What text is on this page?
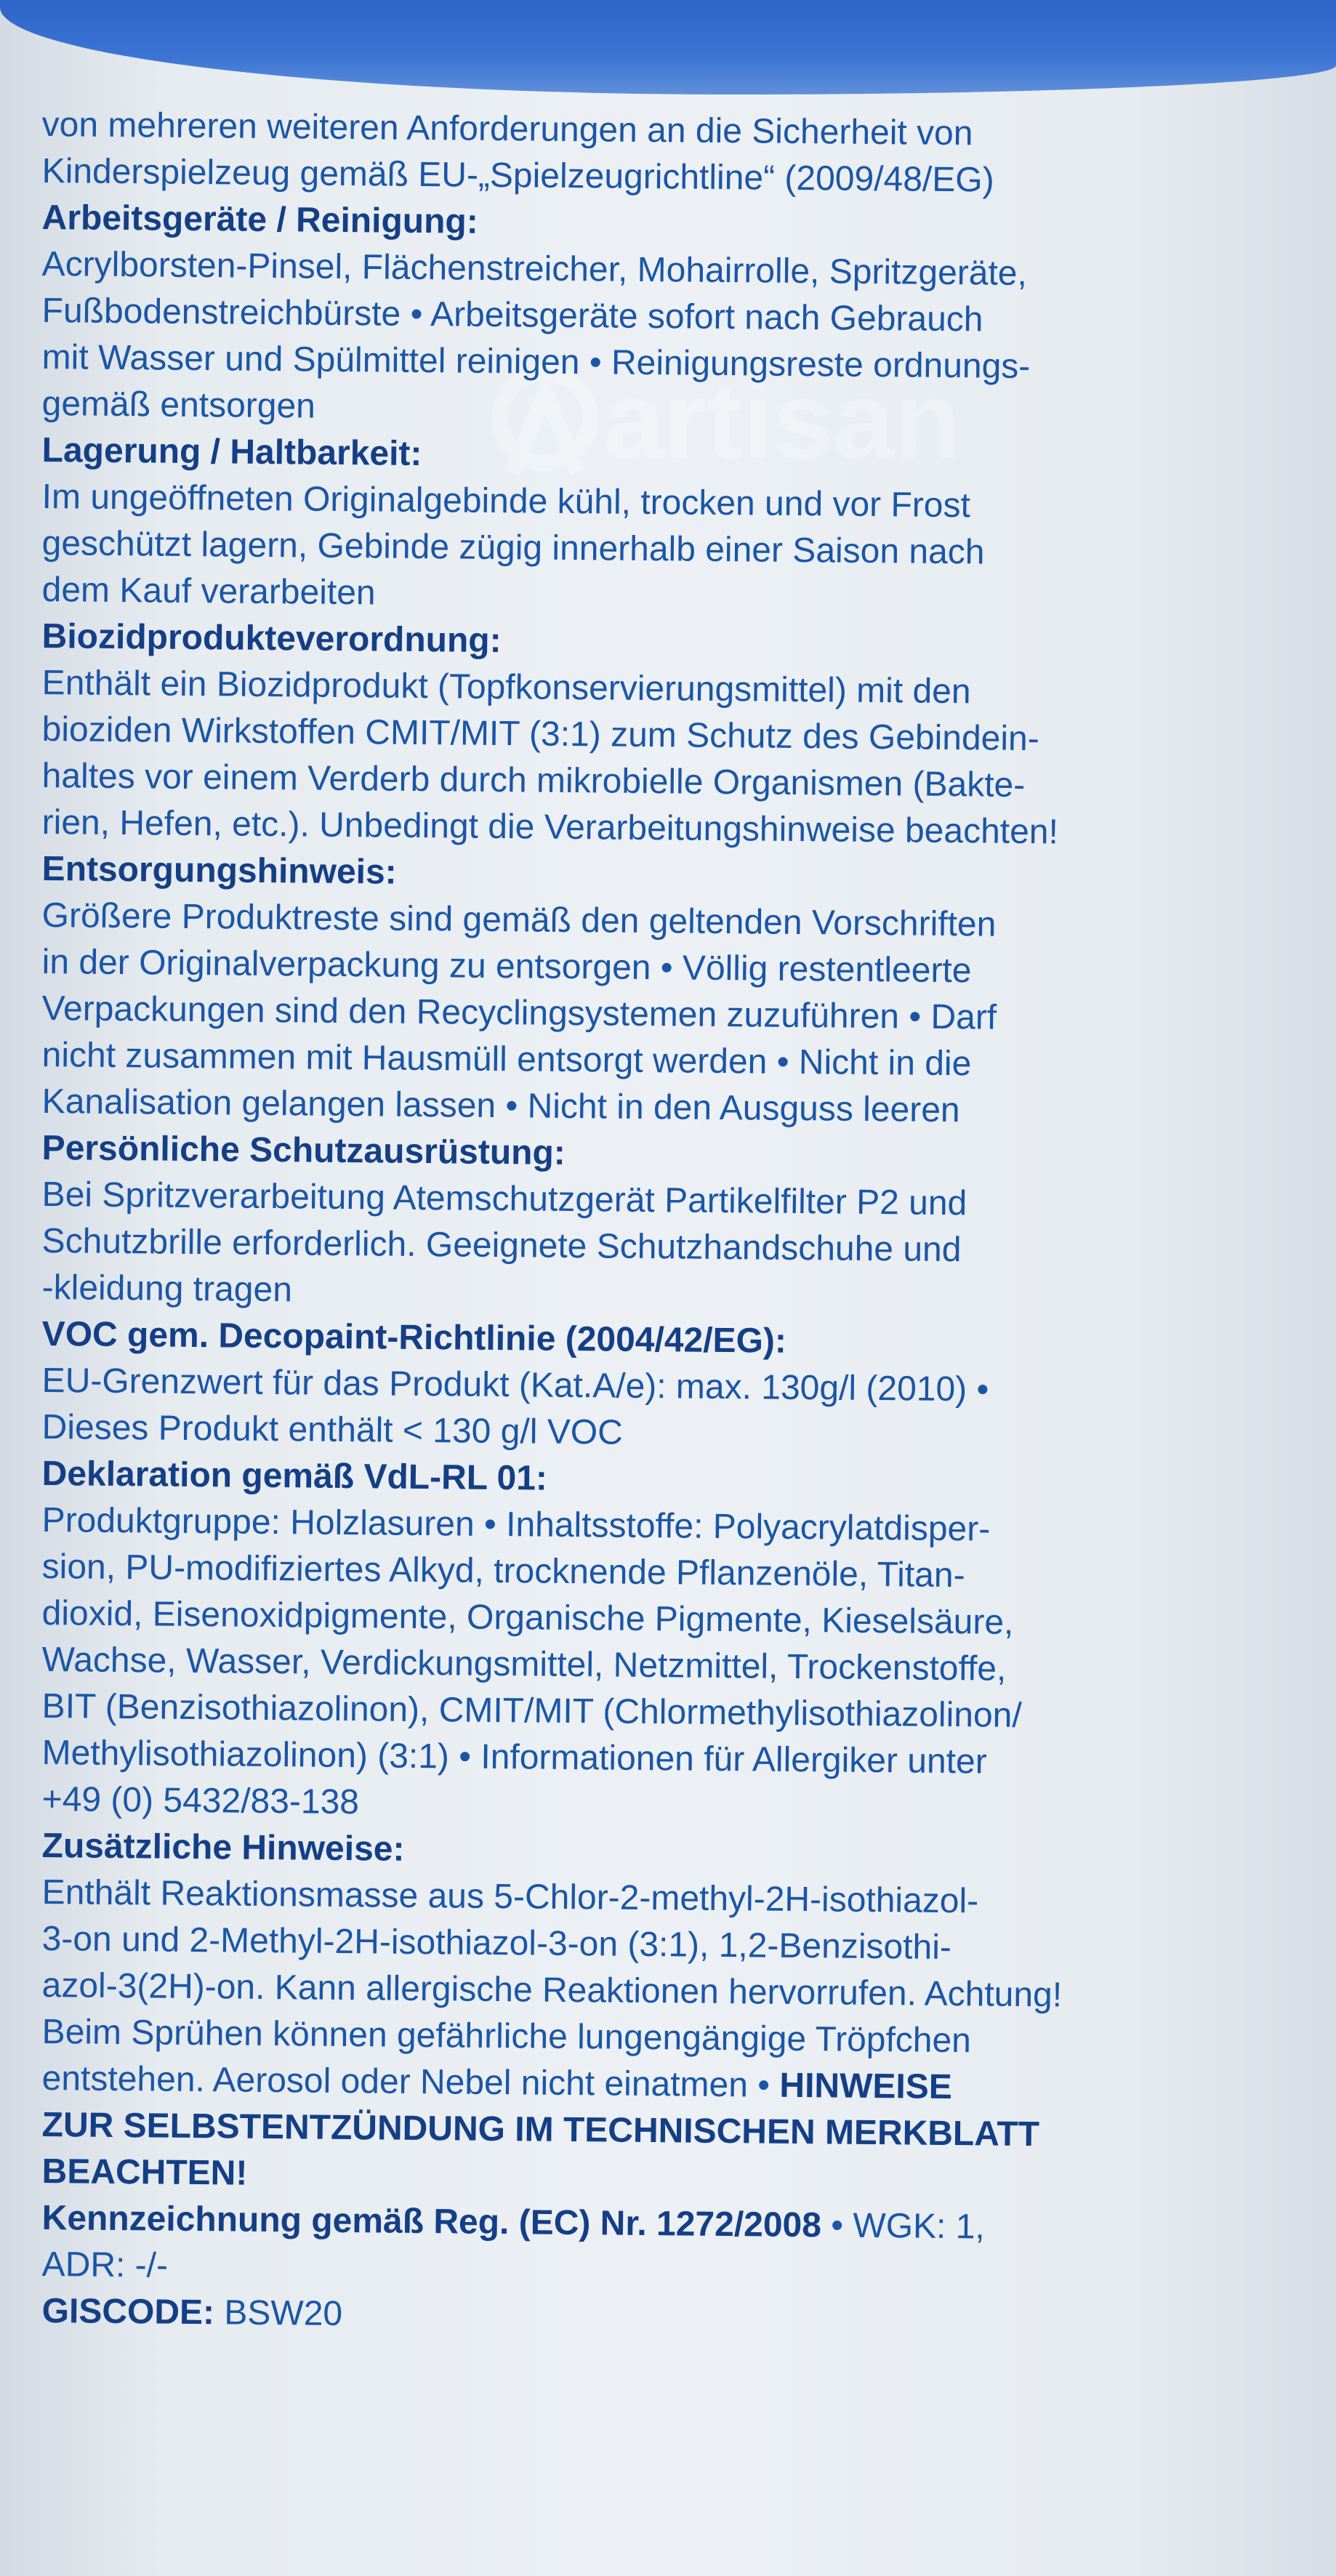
artisan

von mehreren weiteren Anforderungen an die Sicherheit von

Kinderspielzeug gemäß EU-„Spielzeugrichtline“ (2009/48/EG)

Arbeitsgeräte / Reinigung:

Acrylborsten-Pinsel, Flächenstreicher, Mohairrolle, Spritzgeräte,

Fußbodenstreichbürste • Arbeitsgeräte sofort nach Gebrauch

mit Wasser und Spülmittel reinigen • Reinigungsreste ordnungs-

gemäß entsorgen

Lagerung / Haltbarkeit:

Im ungeöffneten Originalgebinde kühl, trocken und vor Frost

geschützt lagern, Gebinde zügig innerhalb einer Saison nach

dem Kauf verarbeiten

Biozidprodukteverordnung:

Enthält ein Biozidprodukt (Topfkonservierungsmittel) mit den

bioziden Wirkstoffen CMIT/MIT (3:1) zum Schutz des Gebindein-

haltes vor einem Verderb durch mikrobielle Organismen (Bakte-

rien, Hefen, etc.). Unbedingt die Verarbeitungshinweise beachten!

Entsorgungshinweis:

Größere Produktreste sind gemäß den geltenden Vorschriften

in der Originalverpackung zu entsorgen • Völlig restentleerte

Verpackungen sind den Recyclingsystemen zuzuführen • Darf

nicht zusammen mit Hausmüll entsorgt werden • Nicht in die

Kanalisation gelangen lassen • Nicht in den Ausguss leeren

Persönliche Schutzausrüstung:

Bei Spritzverarbeitung Atemschutzgerät Partikelfilter P2 und

Schutzbrille erforderlich. Geeignete Schutzhandschuhe und

-kleidung tragen

VOC gem. Decopaint-Richtlinie (2004/42/EG):

EU-Grenzwert für das Produkt (Kat.A/e): max. 130g/l (2010) •

Dieses Produkt enthält < 130 g/l VOC

Deklaration gemäß VdL-RL 01:

Produktgruppe: Holzlasuren • Inhaltsstoffe: Polyacrylatdisper-

sion, PU-modifiziertes Alkyd, trocknende Pflanzenöle, Titan-

dioxid, Eisenoxidpigmente, Organische Pigmente, Kieselsäure,

Wachse, Wasser, Verdickungsmittel, Netzmittel, Trockenstoffe,

BIT (Benzisothiazolinon), CMIT/MIT (Chlormethylisothiazolinon/

Methylisothiazolinon) (3:1) • Informationen für Allergiker unter

+49 (0) 5432/83-138

Zusätzliche Hinweise:

Enthält Reaktionsmasse aus 5-Chlor-2-methyl-2H-isothiazol-

3-on und 2-Methyl-2H-isothiazol-3-on (3:1), 1,2-Benzisothi-

azol-3(2H)-on. Kann allergische Reaktionen hervorrufen. Achtung!

Beim Sprühen können gefährliche lungengängige Tröpfchen

entstehen. Aerosol oder Nebel nicht einatmen • HINWEISE

ZUR SELBSTENTZÜNDUNG IM TECHNISCHEN MERKBLATT

BEACHTEN!

Kennzeichnung gemäß Reg. (EC) Nr. 1272/2008 • WGK: 1,

ADR: -/-

GISCODE: BSW20
